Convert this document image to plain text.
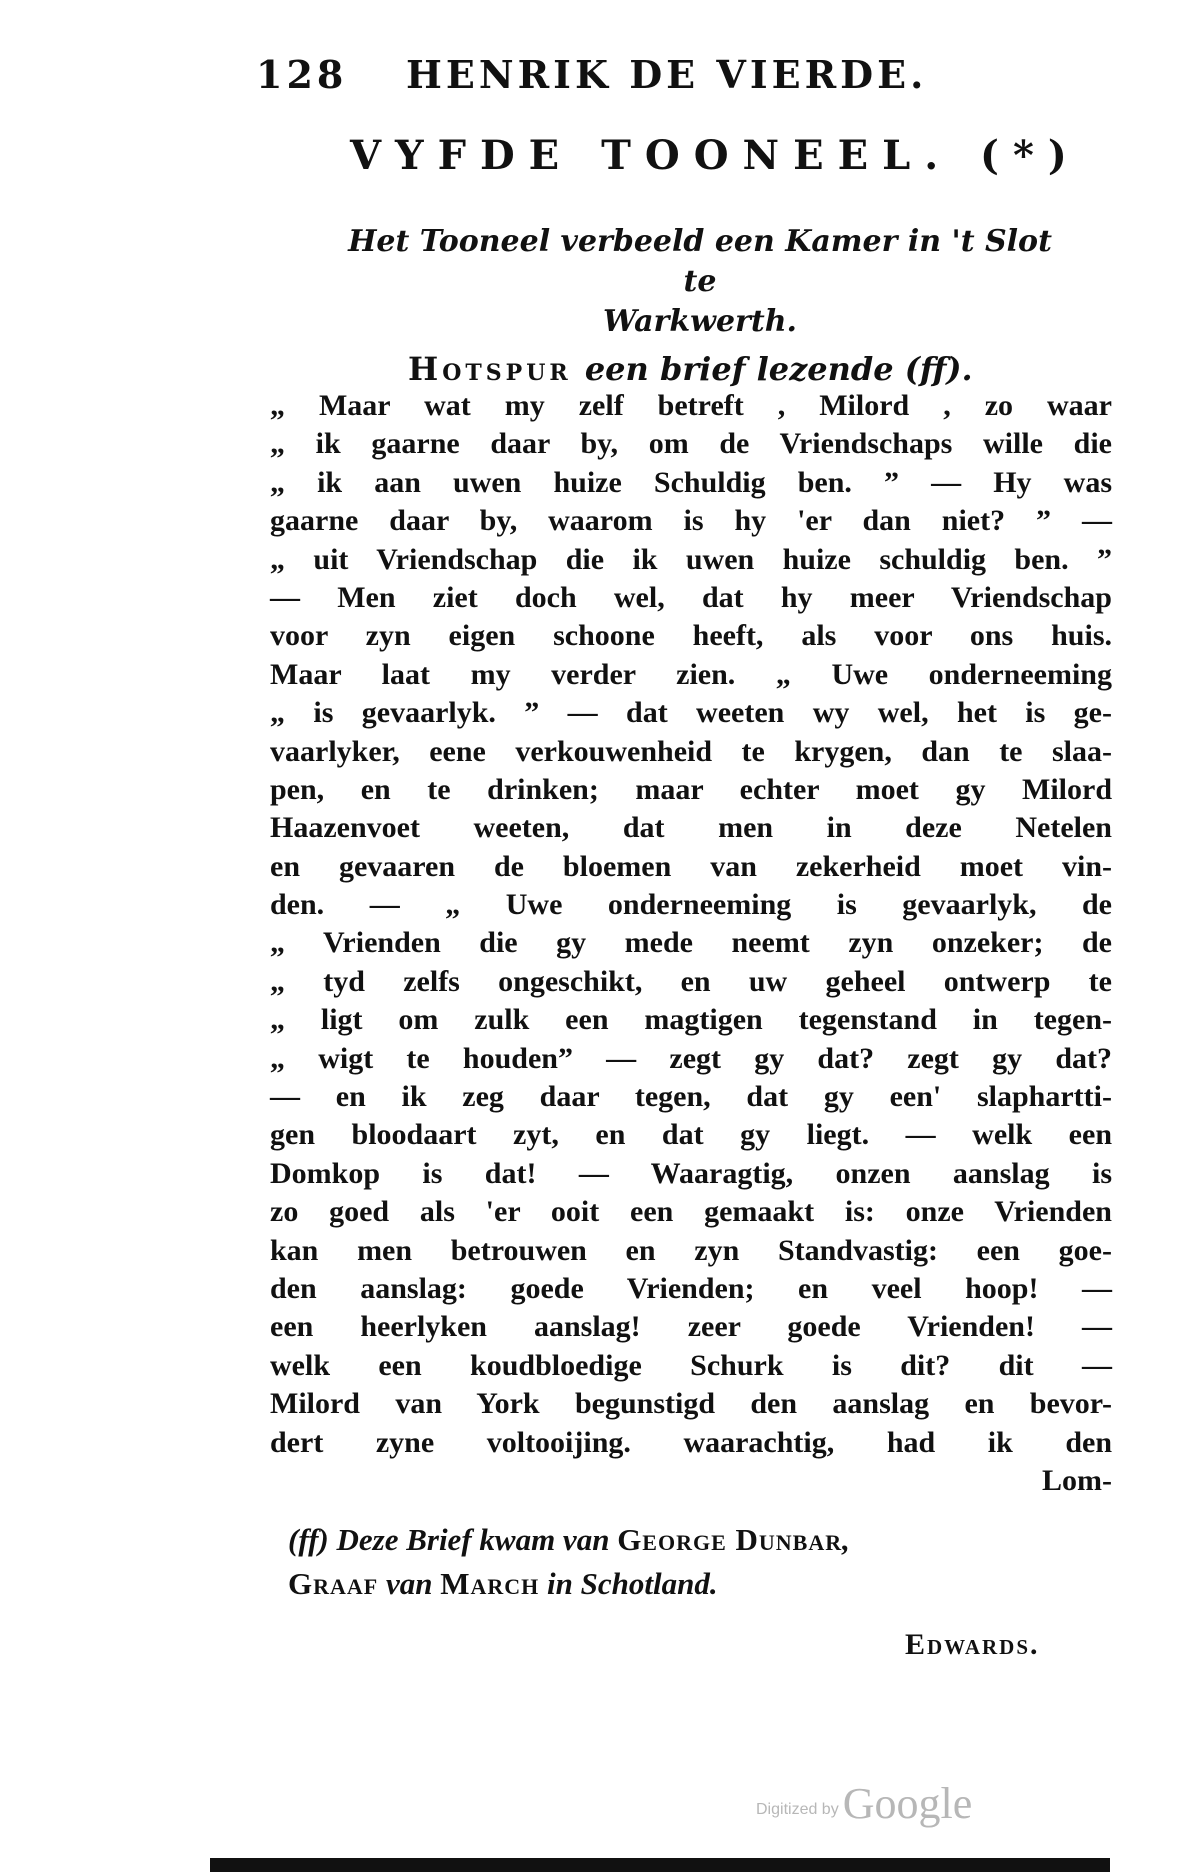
128 HENRIK DE VIERDE.
VYFDE TOONEEL. (*)
Het Tooneel verbeeld een Kamer in 't Slot te
Warkwerth.
Hotspur een brief lezende (ff).
„ Maar wat my zelf betreft , Milord , zo waar
„ ik gaarne daar by, om de Vriendschaps wille die
„ ik aan uwen huize Schuldig ben. ” — Hy was
gaarne daar by, waarom is hy 'er dan niet? ” —
„ uit Vriendschap die ik uwen huize schuldig ben. ”
— Men ziet doch wel, dat hy meer Vriendschap
voor zyn eigen schoone heeft, als voor ons huis.
Maar laat my verder zien. „ Uwe onderneeming
„ is gevaarlyk. ” — dat weeten wy wel, het is ge-
vaarlyker, eene verkouwenheid te krygen, dan te slaa-
pen, en te drinken; maar echter moet gy Milord
Haazenvoet weeten, dat men in deze Netelen
en gevaaren de bloemen van zekerheid moet vin-
den. — „ Uwe onderneeming is gevaarlyk, de
„ Vrienden die gy mede neemt zyn onzeker; de
„ tyd zelfs ongeschikt, en uw geheel ontwerp te
„ ligt om zulk een magtigen tegenstand in tegen-
„ wigt te houden” — zegt gy dat? zegt gy dat?
— en ik zeg daar tegen, dat gy een' slaphartti-
gen bloodaart zyt, en dat gy liegt. — welk een
Domkop is dat! — Waaragtig, onzen aanslag is
zo goed als 'er ooit een gemaakt is: onze Vrienden
kan men betrouwen en zyn Standvastig: een goe-
den aanslag: goede Vrienden; en veel hoop! —
een heerlyken aanslag! zeer goede Vrienden! —
welk een koudbloedige Schurk is dit? dit —
Milord van York begunstigd den aanslag en bevor-
dert zyne voltooijing. waarachtig, had ik den
Lom-
(ff) Deze Brief kwam van George Dunbar,
Graaf van March in Schotland.
Edwards.
Digitized byGoogle
